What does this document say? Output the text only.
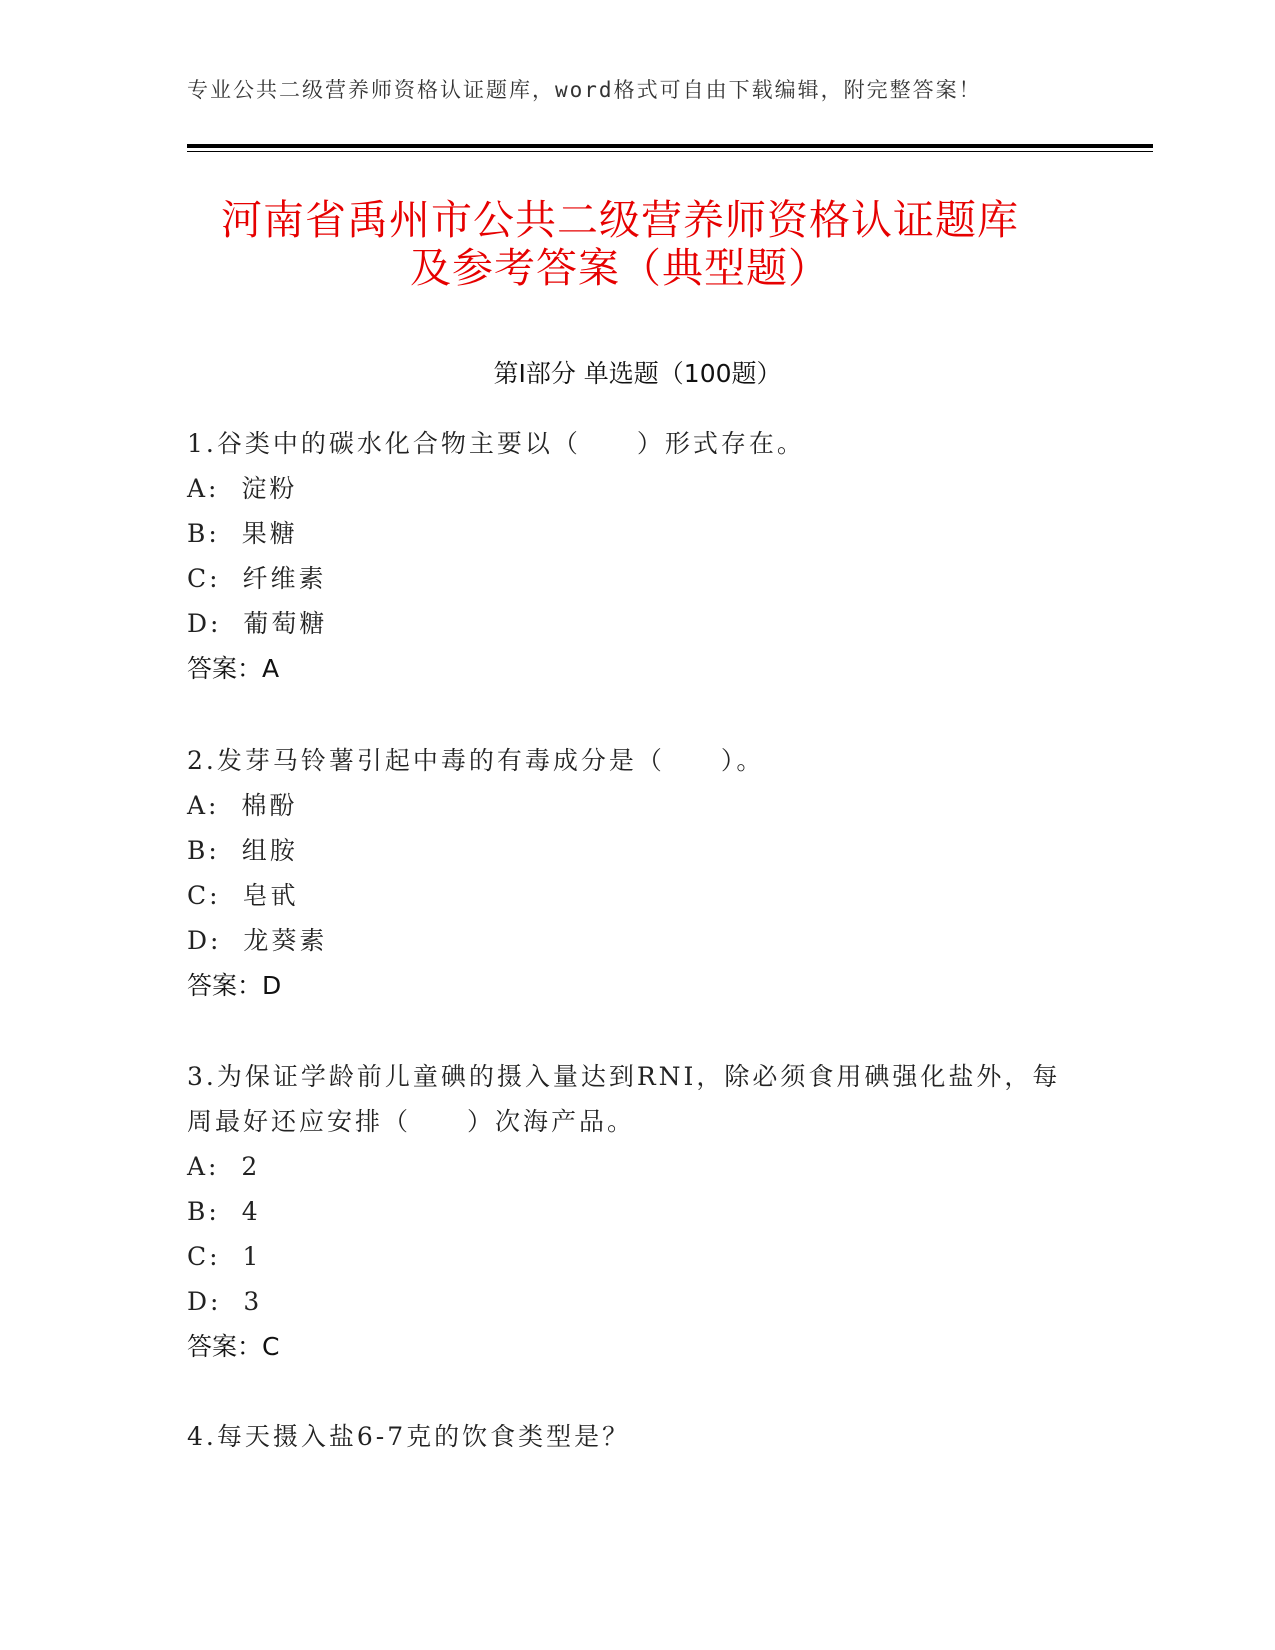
专业公共二级营养师资格认证题库，word格式可自由下载编辑，附完整答案！
河南省禹州市公共二级营养师资格认证题库
及参考答案（典型题）
第Ⅰ部分 单选题（100题）
1.谷类中的碳水化合物主要以（　　）形式存在。
A:  淀粉
B:  果糖
C:  纤维素
D:  葡萄糖
答案：A
2.发芽马铃薯引起中毒的有毒成分是（　　）。
A:  棉酚
B:  组胺
C:  皂甙
D:  龙葵素
答案：D
3.为保证学龄前儿童碘的摄入量达到RNI，除必须食用碘强化盐外，每周最好还应安排（　　）次海产品。
A:  2
B:  4
C:  1
D:  3
答案：C
4.每天摄入盐6-7克的饮食类型是？
